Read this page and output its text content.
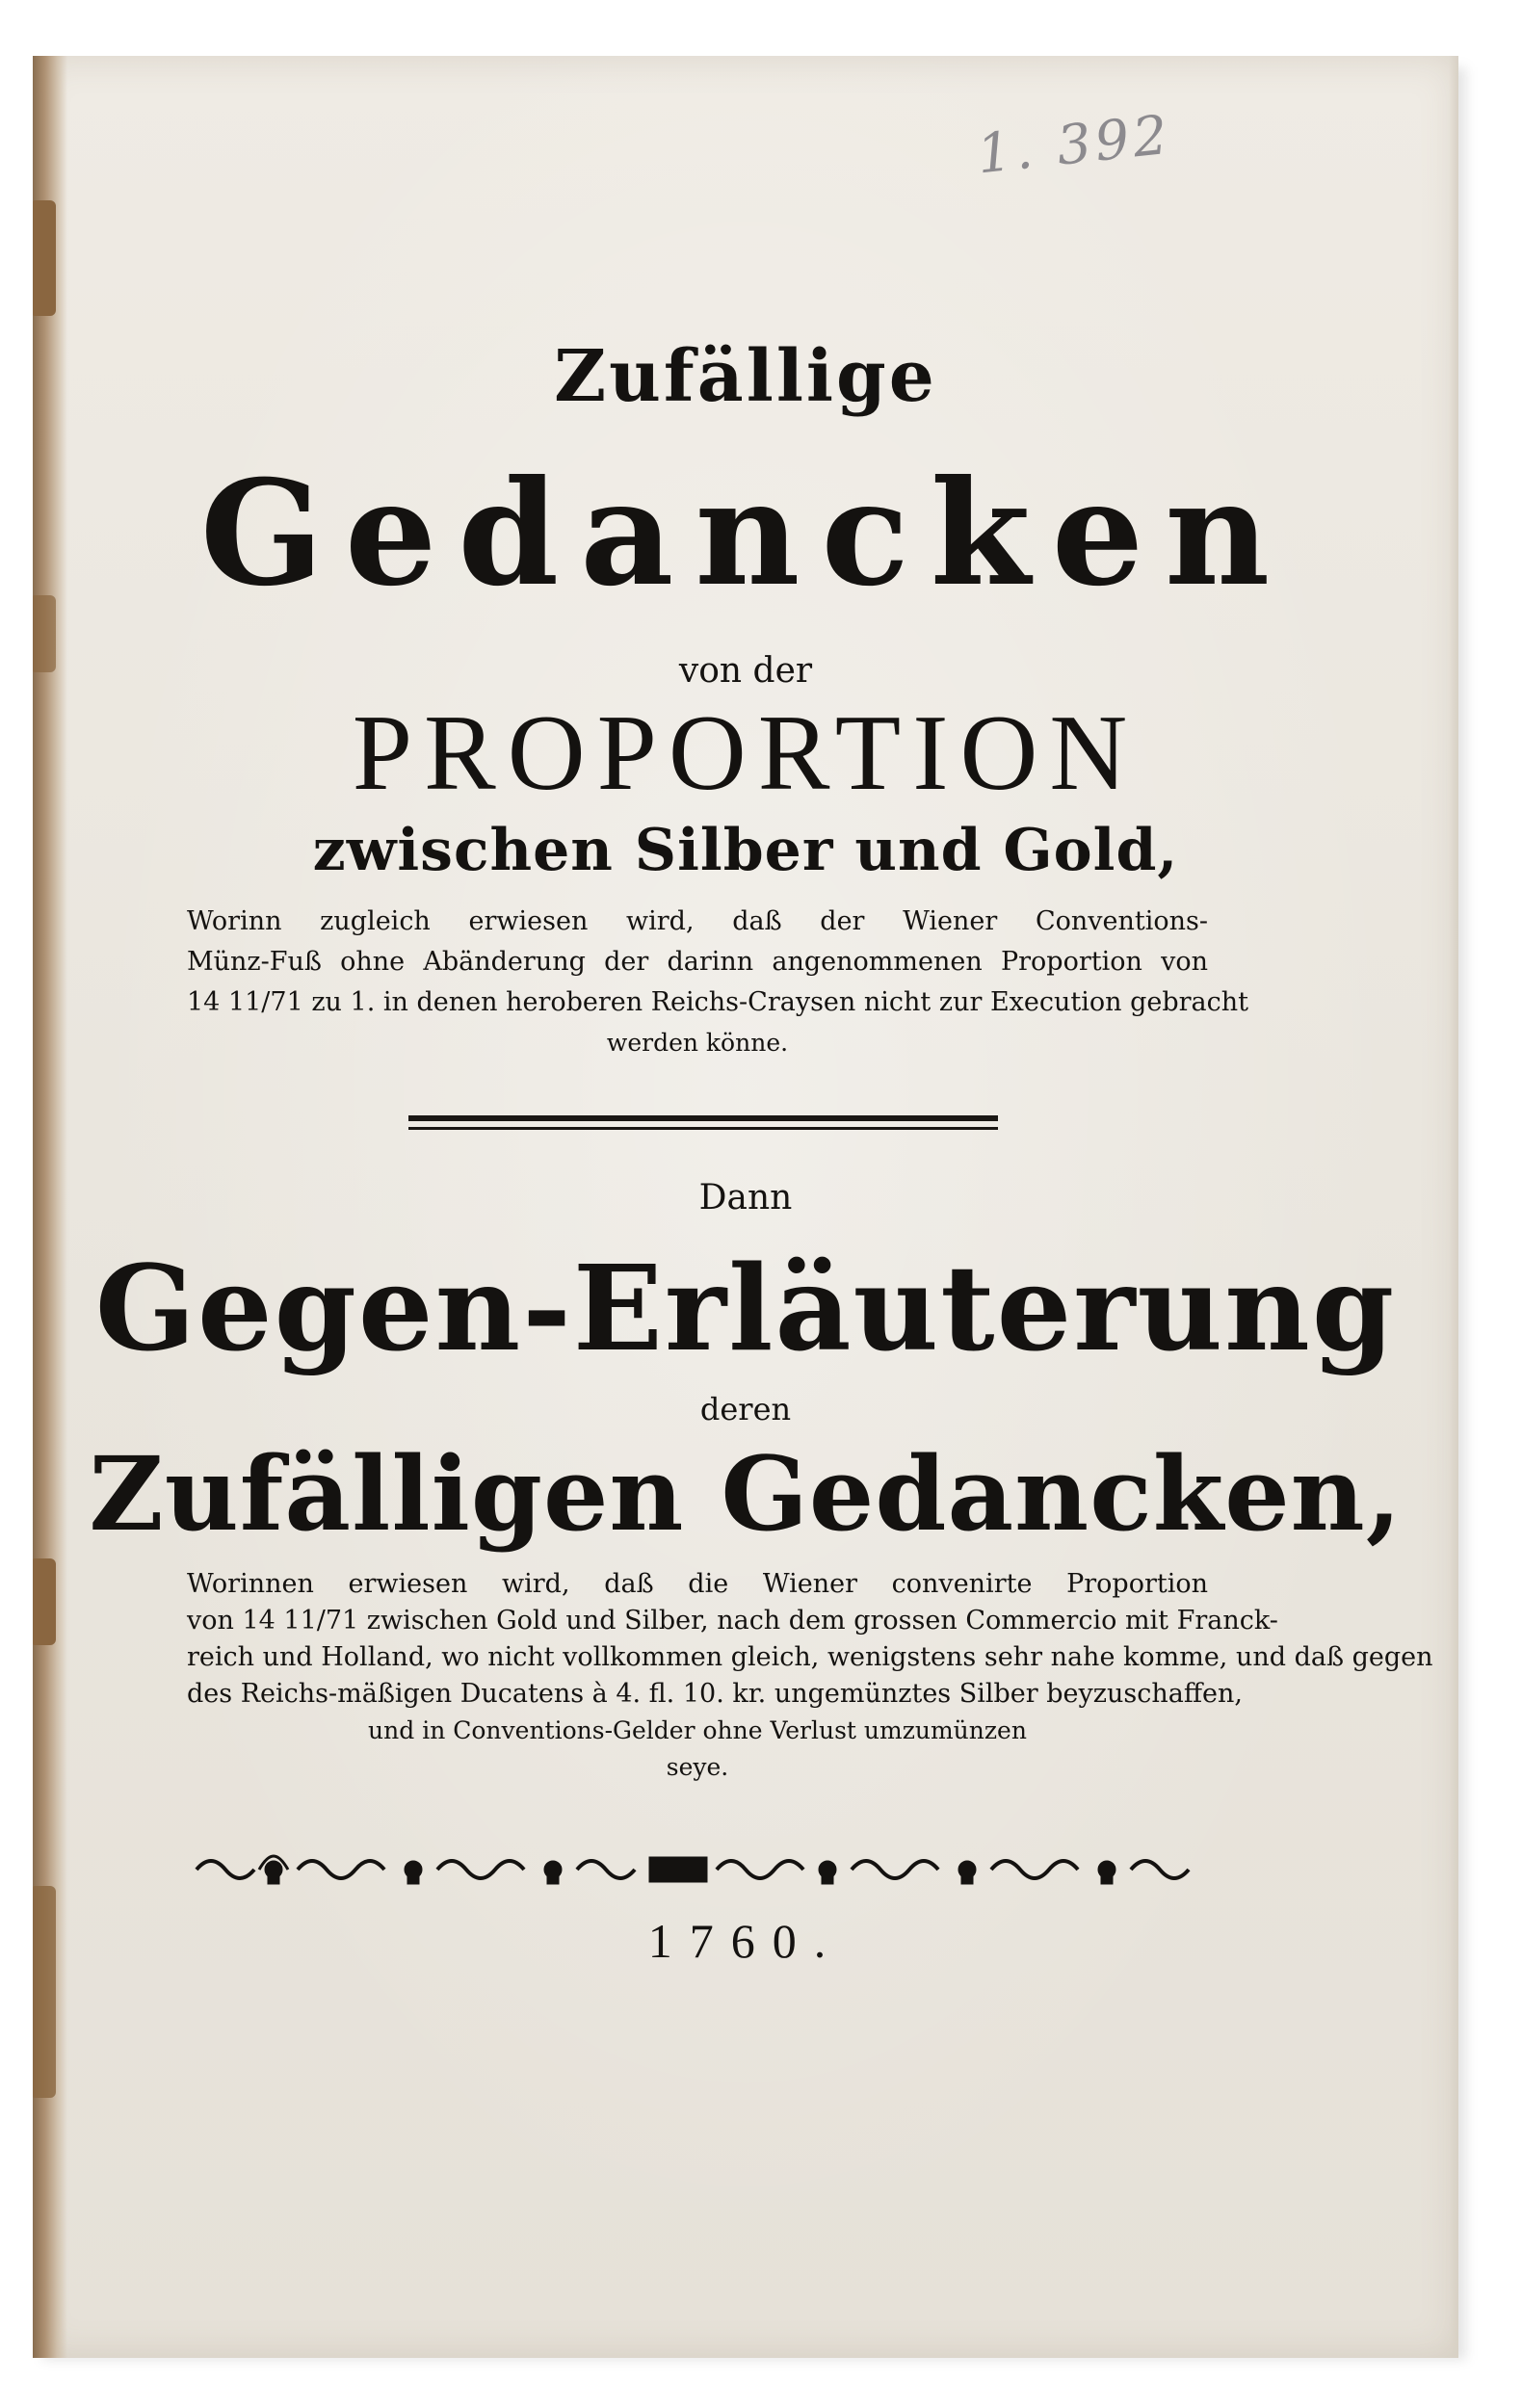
1. 392
Zufällige
Gedancken
von der
PROPORTION
zwischen Silber und Gold,
Worinn zugleich erwiesen wird, daß der Wiener Conventions-
Münz-Fuß ohne Abänderung der darinn angenommenen Proportion von
14 11/71 zu 1. in denen heroberen Reichs-Craysen nicht zur Execution gebracht
werden könne.
Dann
Gegen-Erläuterung
deren
Zufälligen Gedancken,
Worinnen erwiesen wird, daß die Wiener convenirte Proportion
von 14 11/71 zwischen Gold und Silber, nach dem grossen Commercio mit Franck-
reich und Holland, wo nicht vollkommen gleich, wenigstens sehr nahe komme, und daß gegen
des Reichs-mäßigen Ducatens à 4. fl. 10. kr. ungemünztes Silber beyzuschaffen,
und in Conventions-Gelder ohne Verlust umzumünzen
seye.
1760.
